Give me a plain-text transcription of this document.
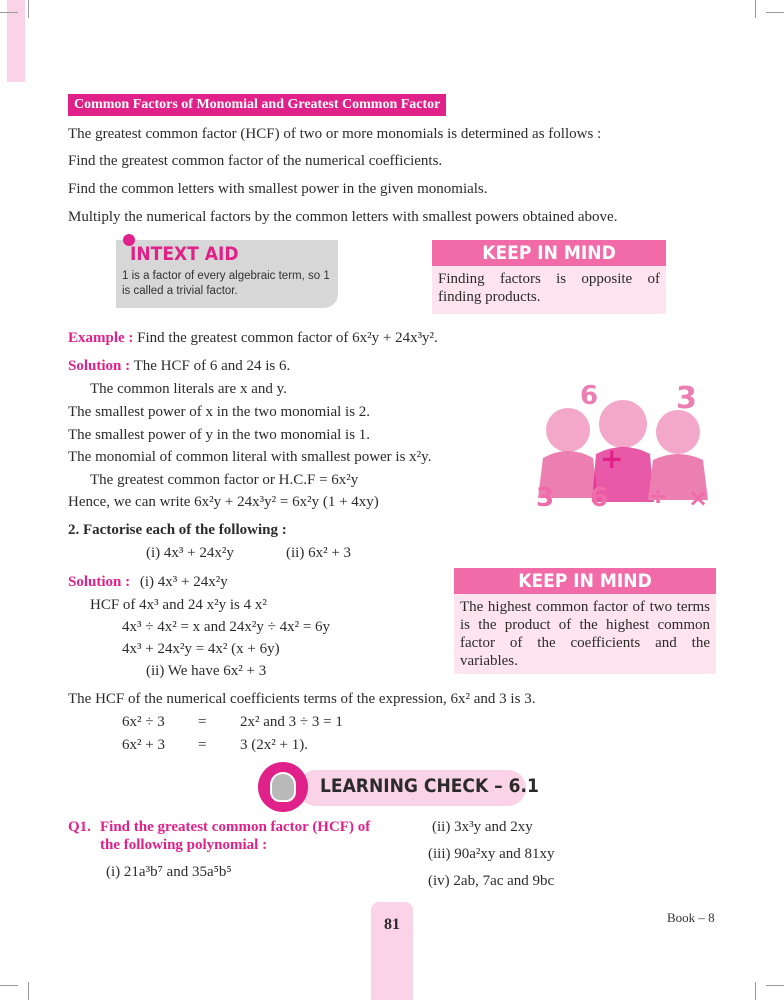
Common Factors of Monomial and Greatest Common Factor
The greatest common factor (HCF) of two or more monomials is determined as follows :
Find the greatest common factor of the numerical coefficients.
Find the common letters with smallest power in the given monomials.
Multiply the numerical factors by the common letters with smallest powers obtained above.
INTEXT AID
1 is a factor of every algebraic term, so 1 is called a trivial factor.
KEEP IN MIND
Finding factors is opposite of finding products.
Example : Find the greatest common factor of 6x²y + 24x³y².
Solution : The HCF of 6 and 24 is 6.
The common literals are x and y.
The smallest power of x in the two monomial is 2.
The smallest power of y in the two monomial is 1.
The monomial of common literal with smallest power is x²y.
The greatest common factor or H.C.F = 6x²y
Hence, we can write 6x²y + 24x³y² = 6x²y (1 + 4xy)
6	3
+
3 6 ÷ ×
2. Factorise each of the following :
(i) 4x³ + 24x²y	(ii) 6x² + 3
Solution : (i) 4x³ + 24x²y
HCF of 4x³ and 24 x²y is 4 x²
4x³ ÷ 4x² = x and 24x²y ÷ 4x² = 6y
4x³ + 24x²y = 4x² (x + 6y)
(ii) We have 6x² + 3
KEEP IN MIND
The highest common factor of two terms is the product of the highest common factor of the coefficients and the variables.
The HCF of the numerical coefficients terms of the expression, 6x² and 3 is 3.
6x² ÷ 3 = 2x² and 3 ÷ 3 = 1
6x² + 3 = 3 (2x² + 1).
LEARNING CHECK – 6.1
Q1. Find the greatest common factor (HCF) of
the following polynomial :
(i) 21a³b⁷ and 35a⁵b⁵
(ii) 3x³y and 2xy
(iii) 90a²xy and 81xy
(iv) 2ab, 7ac and 9bc
81	Book – 8
